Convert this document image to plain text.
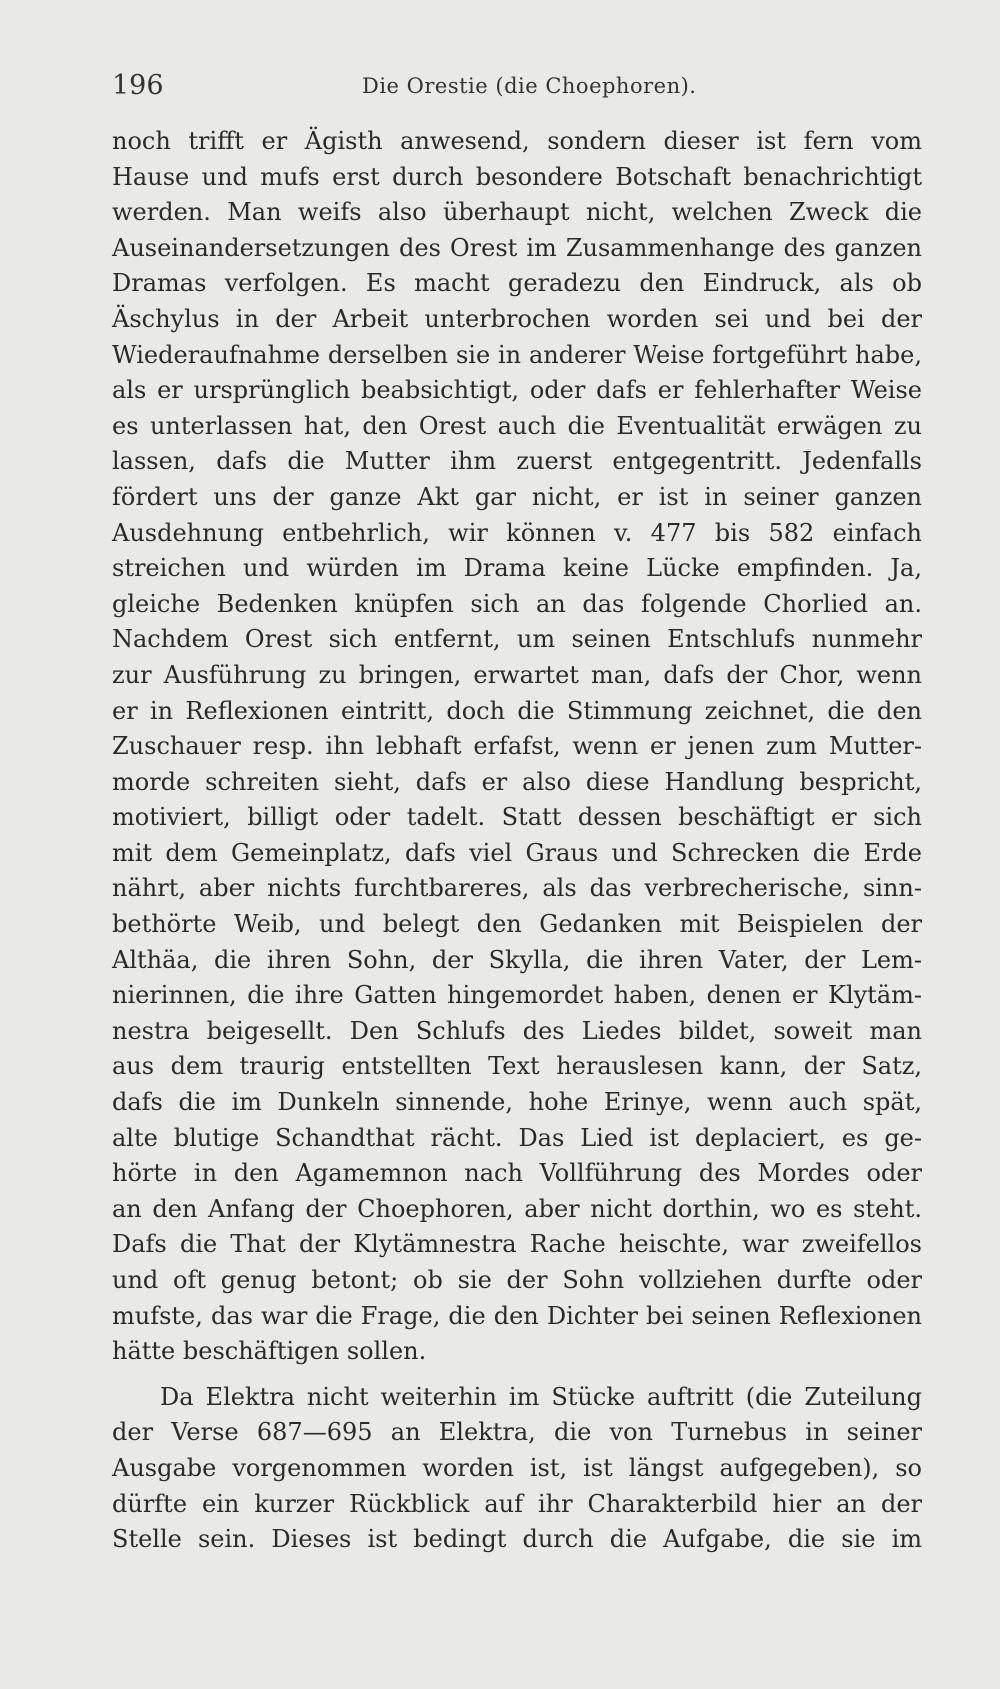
196	Die Orestie (die Choephoren).

noch trifft er Ägisth anwesend, sondern dieser ist fern vom
Hause und mufs erst durch besondere Botschaft benachrichtigt
werden. Man weifs also überhaupt nicht, welchen Zweck die
Auseinandersetzungen des Orest im Zusammenhange des ganzen
Dramas verfolgen. Es macht geradezu den Eindruck, als ob
Äschylus in der Arbeit unterbrochen worden sei und bei der
Wiederaufnahme derselben sie in anderer Weise fortgeführt habe,
als er ursprünglich beabsichtigt, oder dafs er fehlerhafter Weise
es unterlassen hat, den Orest auch die Eventualität erwägen zu
lassen, dafs die Mutter ihm zuerst entgegentritt. Jedenfalls
fördert uns der ganze Akt gar nicht, er ist in seiner ganzen
Ausdehnung entbehrlich, wir können v. 477 bis 582 einfach
streichen und würden im Drama keine Lücke empfinden. Ja,
gleiche Bedenken knüpfen sich an das folgende Chorlied an.
Nachdem Orest sich entfernt, um seinen Entschlufs nunmehr
zur Ausführung zu bringen, erwartet man, dafs der Chor, wenn
er in Reflexionen eintritt, doch die Stimmung zeichnet, die den
Zuschauer resp. ihn lebhaft erfafst, wenn er jenen zum Mutter-
morde schreiten sieht, dafs er also diese Handlung bespricht,
motiviert, billigt oder tadelt. Statt dessen beschäftigt er sich
mit dem Gemeinplatz, dafs viel Graus und Schrecken die Erde
nährt, aber nichts furchtbareres, als das verbrecherische, sinn-
bethörte Weib, und belegt den Gedanken mit Beispielen der
Althäa, die ihren Sohn, der Skylla, die ihren Vater, der Lem-
nierinnen, die ihre Gatten hingemordet haben, denen er Klytäm-
nestra beigesellt. Den Schlufs des Liedes bildet, soweit man
aus dem traurig entstellten Text herauslesen kann, der Satz,
dafs die im Dunkeln sinnende, hohe Erinye, wenn auch spät,
alte blutige Schandthat rächt. Das Lied ist deplaciert, es ge-
hörte in den Agamemnon nach Vollführung des Mordes oder
an den Anfang der Choephoren, aber nicht dorthin, wo es steht.
Dafs die That der Klytämnestra Rache heischte, war zweifellos
und oft genug betont; ob sie der Sohn vollziehen durfte oder
mufste, das war die Frage, die den Dichter bei seinen Reflexionen
hätte beschäftigen sollen.

Da Elektra nicht weiterhin im Stücke auftritt (die Zuteilung
der Verse 687—695 an Elektra, die von Turnebus in seiner
Ausgabe vorgenommen worden ist, ist längst aufgegeben), so
dürfte ein kurzer Rückblick auf ihr Charakterbild hier an der
Stelle sein. Dieses ist bedingt durch die Aufgabe, die sie im
